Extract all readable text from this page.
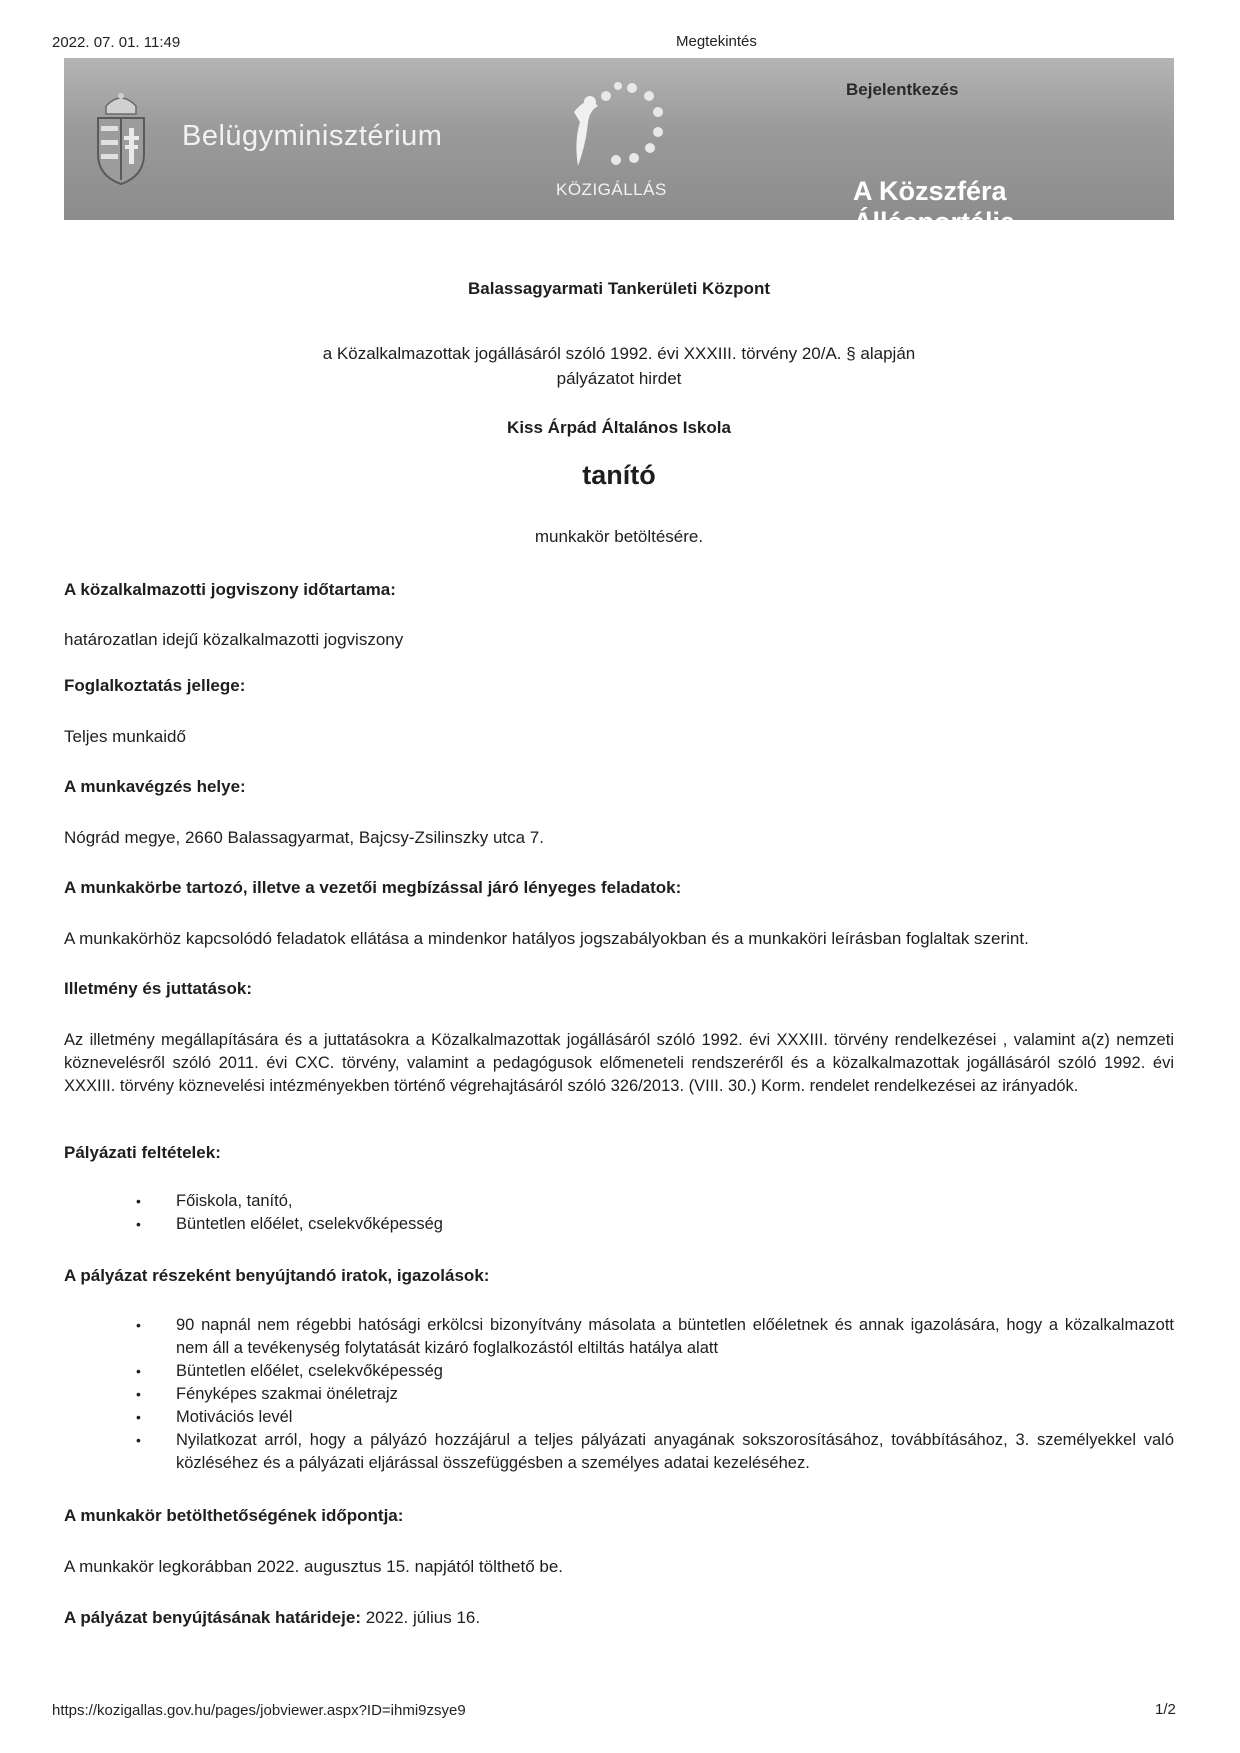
2022. 07. 01. 11:49	Megtekintés
Belügyminisztérium
KÖZIGÁLLÁS
Bejelentkezés
A Közszféra Állásportálja
Balassagyarmati Tankerületi Központ
a Közalkalmazottak jogállásáról szóló 1992. évi XXXIII. törvény 20/A. § alapján
pályázatot hirdet
Kiss Árpád Általános Iskola
tanító
munkakör betöltésére.
A közalkalmazotti jogviszony időtartama:
határozatlan idejű közalkalmazotti jogviszony
Foglalkoztatás jellege:
Teljes munkaidő
A munkavégzés helye:
Nógrád megye, 2660 Balassagyarmat, Bajcsy-Zsilinszky utca 7.
A munkakörbe tartozó, illetve a vezetői megbízással járó lényeges feladatok:
A munkakörhöz kapcsolódó feladatok ellátása a mindenkor hatályos jogszabályokban és a munkaköri leírásban foglaltak szerint.
Illetmény és juttatások:
Az illetmény megállapítására és a juttatásokra a Közalkalmazottak jogállásáról szóló 1992. évi XXXIII. törvény rendelkezései , valamint a(z) nemzeti köznevelésről szóló 2011. évi CXC. törvény, valamint a pedagógusok előmeneteli rendszeréről és a közalkalmazottak jogállásáról szóló 1992. évi XXXIII. törvény köznevelési intézményekben történő végrehajtásáról szóló 326/2013. (VIII. 30.) Korm. rendelet rendelkezései az irányadók.
Pályázati feltételek:
• Főiskola, tanító,
• Büntetlen előélet, cselekvőképesség
A pályázat részeként benyújtandó iratok, igazolások:
• 90 napnál nem régebbi hatósági erkölcsi bizonyítvány másolata a büntetlen előéletnek és annak igazolására, hogy a közalkalmazott nem áll a tevékenység folytatását kizáró foglalkozástól eltiltás hatálya alatt
• Büntetlen előélet, cselekvőképesség
• Fényképes szakmai önéletrajz
• Motivációs levél
• Nyilatkozat arról, hogy a pályázó hozzájárul a teljes pályázati anyagának sokszorosításához, továbbításához, 3. személyekkel való közléséhez és a pályázati eljárással összefüggésben a személyes adatai kezeléséhez.
A munkakör betölthetőségének időpontja:
A munkakör legkorábban 2022. augusztus 15. napjától tölthető be.
A pályázat benyújtásának határideje: 2022. július 16.
https://kozigallas.gov.hu/pages/jobviewer.aspx?ID=ihmi9zsye9	1/2
